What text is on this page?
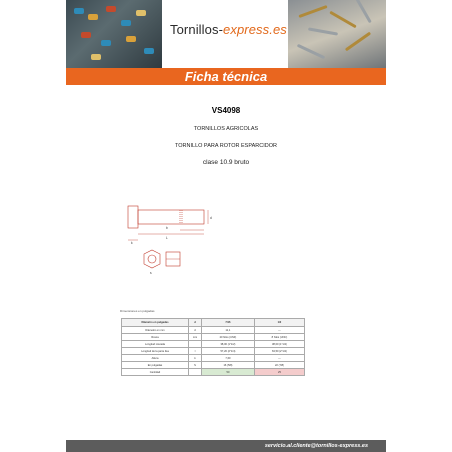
Tornillos-express.es
Ficha técnica
VS4098
TORNILLOS AGRICOLAS
TORNILLO PARA ROTOR ESPARCIDOR
clase 10.9 bruto
b
L
k
d
s
Dimensiones en pulgadas
Diámetro en pulgadas	d	7/16	1/2
Diámetro en mm	d	11,1	—
Rosca	mm	20 hilos (UNF)	8 hilos (UNC)
Longitud roscada		38,00 (1"1/2)	38,00 (1"1/2)
Longitud de la parte lisa	l	57,20 (2"1/4)	63,50 (2"1/2)
Altura	k	7,60	—
En pulgadas	S	16 (5/8)	22 (7/8)
Cantidad		50	25
servicio.al.cliente@tornillos-express.es
